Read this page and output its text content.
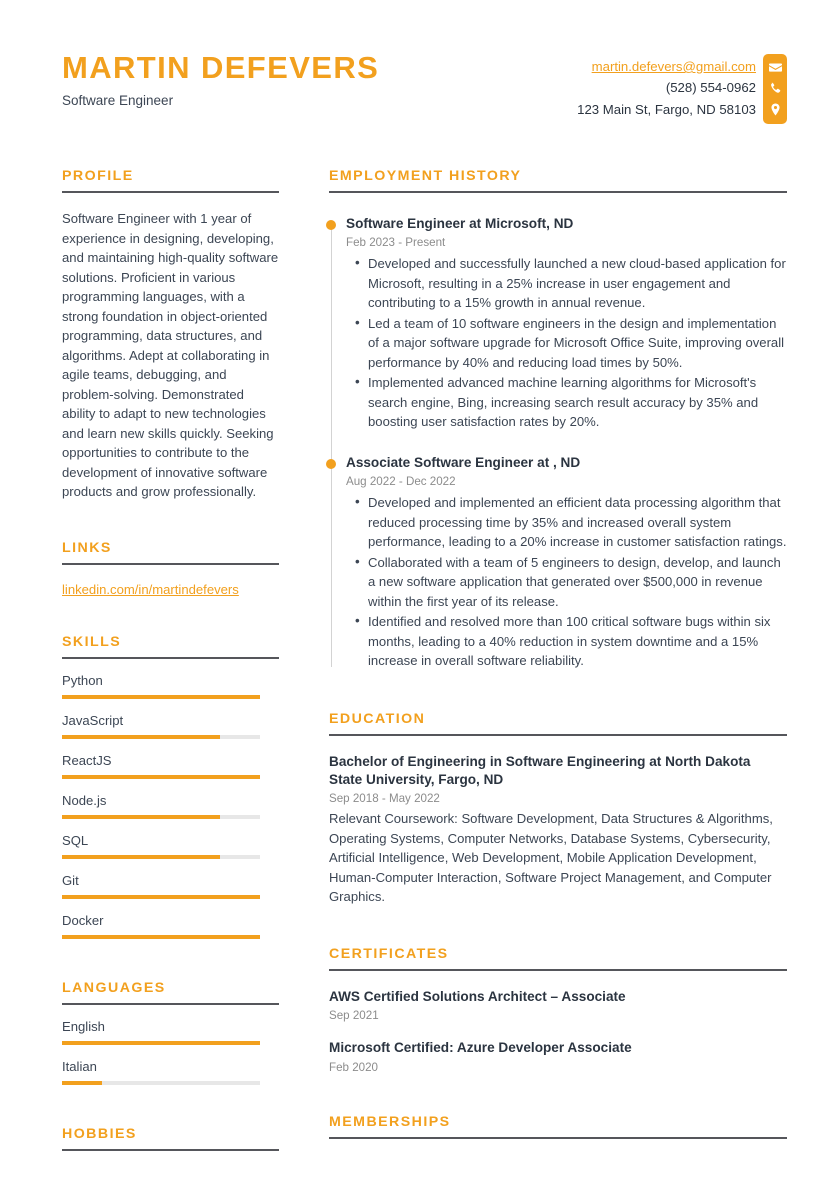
MARTIN DEFEVERS
Software Engineer
martin.defevers@gmail.com
(528) 554-0962
123 Main St, Fargo, ND 58103
PROFILE
Software Engineer with 1 year of experience in designing, developing, and maintaining high-quality software solutions. Proficient in various programming languages, with a strong foundation in object-oriented programming, data structures, and algorithms. Adept at collaborating in agile teams, debugging, and problem-solving. Demonstrated ability to adapt to new technologies and learn new skills quickly. Seeking opportunities to contribute to the development of innovative software products and grow professionally.
LINKS
linkedin.com/in/martindefevers
SKILLS
Python
JavaScript
ReactJS
Node.js
SQL
Git
Docker
LANGUAGES
English
Italian
HOBBIES
EMPLOYMENT HISTORY
Software Engineer at Microsoft, ND
Feb 2023 - Present
• Developed and successfully launched a new cloud-based application for Microsoft, resulting in a 25% increase in user engagement and contributing to a 15% growth in annual revenue.
• Led a team of 10 software engineers in the design and implementation of a major software upgrade for Microsoft Office Suite, improving overall performance by 40% and reducing load times by 50%.
• Implemented advanced machine learning algorithms for Microsoft's search engine, Bing, increasing search result accuracy by 35% and boosting user satisfaction rates by 20%.
Associate Software Engineer at , ND
Aug 2022 - Dec 2022
• Developed and implemented an efficient data processing algorithm that reduced processing time by 35% and increased overall system performance, leading to a 20% increase in customer satisfaction ratings.
• Collaborated with a team of 5 engineers to design, develop, and launch a new software application that generated over $500,000 in revenue within the first year of its release.
• Identified and resolved more than 100 critical software bugs within six months, leading to a 40% reduction in system downtime and a 15% increase in overall software reliability.
EDUCATION
Bachelor of Engineering in Software Engineering at North Dakota State University, Fargo, ND
Sep 2018 - May 2022
Relevant Coursework: Software Development, Data Structures & Algorithms, Operating Systems, Computer Networks, Database Systems, Cybersecurity, Artificial Intelligence, Web Development, Mobile Application Development, Human-Computer Interaction, Software Project Management, and Computer Graphics.
CERTIFICATES
AWS Certified Solutions Architect – Associate
Sep 2021
Microsoft Certified: Azure Developer Associate
Feb 2020
MEMBERSHIPS
